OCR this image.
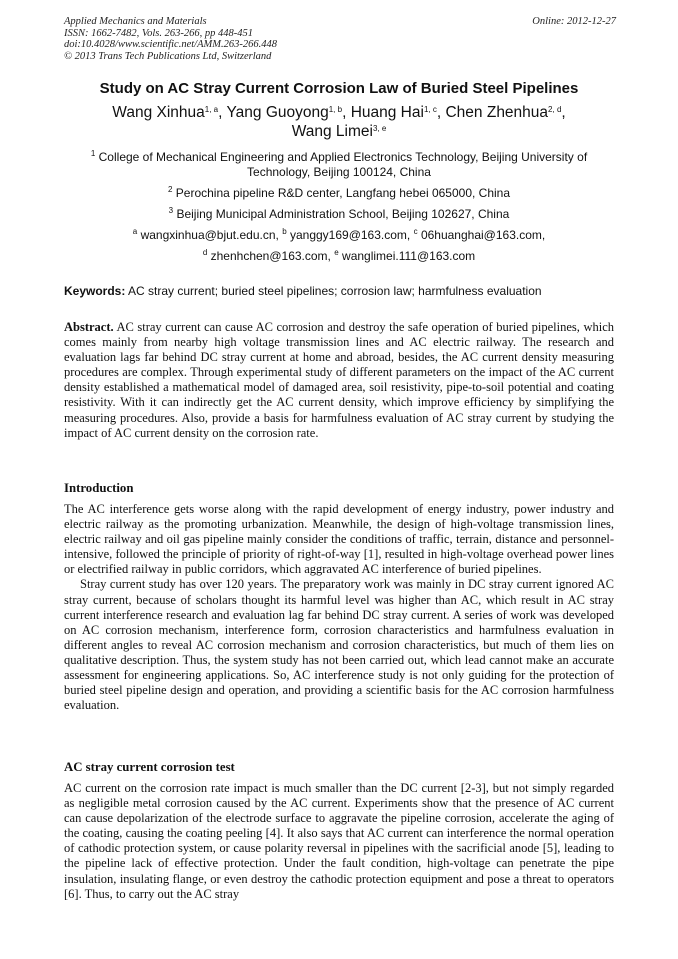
Applied Mechanics and Materials
ISSN: 1662-7482, Vols. 263-266, pp 448-451
doi:10.4028/www.scientific.net/AMM.263-266.448
© 2013 Trans Tech Publications Ltd, Switzerland
Online: 2012-12-27
Study on AC Stray Current Corrosion Law of Buried Steel Pipelines
Wang Xinhua$^{1, a}$, Yang Guoyong$^{1, b}$, Huang Hai$^{1, c}$, Chen Zhenhua$^{2, d}$,
Wang Limei$^{3, e}$
$^1$ College of Mechanical Engineering and Applied Electronics Technology, Beijing University of Technology, Beijing 100124, China
$^2$ Perochina pipeline R&D center, Langfang hebei 065000, China
$^3$ Beijing Municipal Administration School, Beijing 102627, China
$^a$ wangxinhua@bjut.edu.cn, $^b$ yanggy169@163.com, $^c$ 06huanghai@163.com,
$^d$ zhenhchen@163.com, $^e$ wanglimei.111@163.com
Keywords: AC stray current; buried steel pipelines; corrosion law; harmfulness evaluation
Abstract. AC stray current can cause AC corrosion and destroy the safe operation of buried pipelines, which comes mainly from nearby high voltage transmission lines and AC electric railway. The research and evaluation lags far behind DC stray current at home and abroad, besides, the AC current density measuring procedures are complex. Through experimental study of different parameters on the impact of the AC current density established a mathematical model of damaged area, soil resistivity, pipe-to-soil potential and coating resistivity. With it can indirectly get the AC current density, which improve efficiency by simplifying the measuring procedures. Also, provide a basis for harmfulness evaluation of AC stray current by studying the impact of AC current density on the corrosion rate.
Introduction

The AC interference gets worse along with the rapid development of energy industry, power industry and electric railway as the promoting urbanization. Meanwhile, the design of high-voltage transmission lines, electric railway and oil gas pipeline mainly consider the conditions of traffic, terrain, distance and personnel-intensive, followed the principle of priority of right-of-way [1], resulted in high-voltage overhead power lines or electrified railway in public corridors, which aggravated AC interference of buried pipelines.

Stray current study has over 120 years. The preparatory work was mainly in DC stray current ignored AC stray current, because of scholars thought its harmful level was higher than AC, which result in AC stray current interference research and evaluation lag far behind DC stray current. A series of work was developed on AC corrosion mechanism, interference form, corrosion characteristics and harmfulness evaluation in different angles to reveal AC corrosion mechanism and corrosion characteristics, but much of them lies on qualitative description. Thus, the system study has not been carried out, which lead cannot make an accurate assessment for engineering applications. So, AC interference study is not only guiding for the protection of buried steel pipeline design and operation, and providing a scientific basis for the AC corrosion harmfulness evaluation.

AC stray current corrosion test

AC current on the corrosion rate impact is much smaller than the DC current [2-3], but not simply regarded as negligible metal corrosion caused by the AC current. Experiments show that the presence of AC current can cause depolarization of the electrode surface to aggravate the pipeline corrosion, accelerate the aging of the coating, causing the coating peeling [4]. It also says that AC current can interference the normal operation of cathodic protection system, or cause polarity reversal in pipelines with the sacrificial anode [5], leading to the pipeline lack of effective protection. Under the fault condition, high-voltage can penetrate the pipe insulation, insulating flange, or even destroy the cathodic protection equipment and pose a threat to operators [6]. Thus, to carry out the AC stray
